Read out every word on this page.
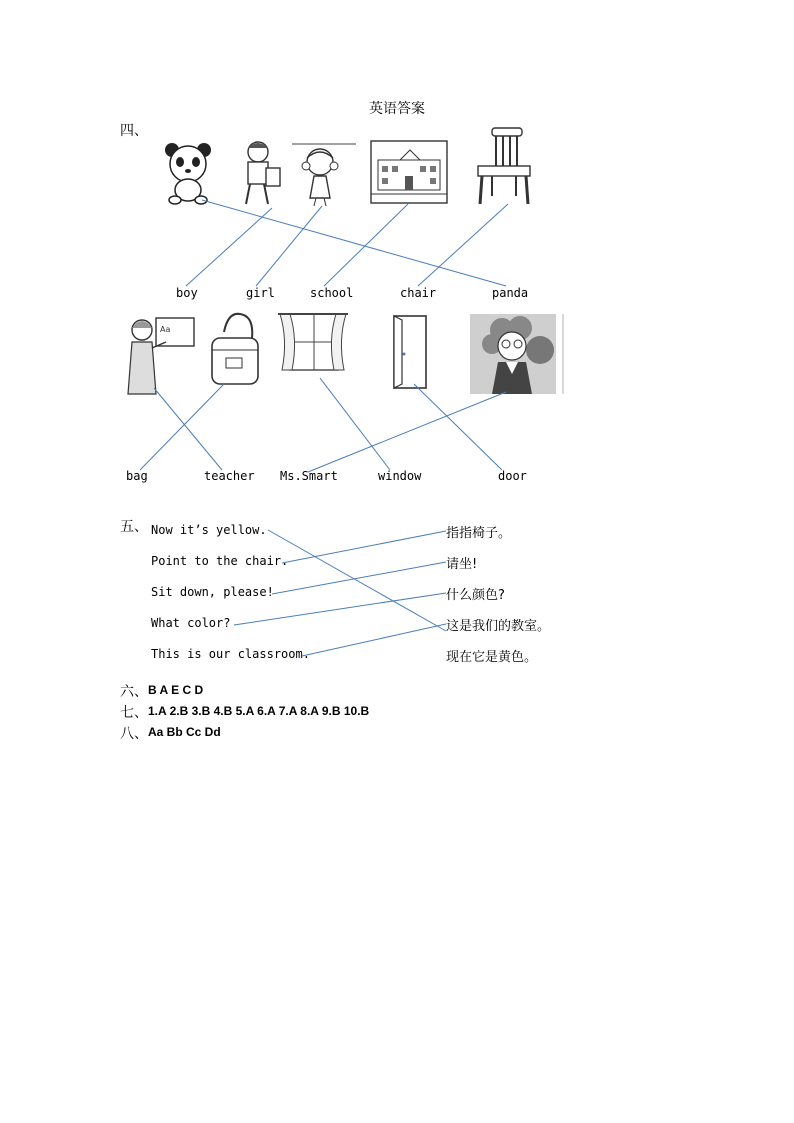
英语答案
四、
boy	girl	school	chair	panda
Aa
bag	teacher Ms.Smart	window	door
五、 Now it’s yellow.
Point to the chair.
Sit down, please!
What color?
This is our classroom.
指指椅子。
请坐!
什么颜色?
这是我们的教室。
现在它是黄色。
六、 B A E C D
七、 1.A 2.B 3.B 4.B 5.A 6.A 7.A 8.A 9.B 10.B
八、 Aa Bb Cc Dd
